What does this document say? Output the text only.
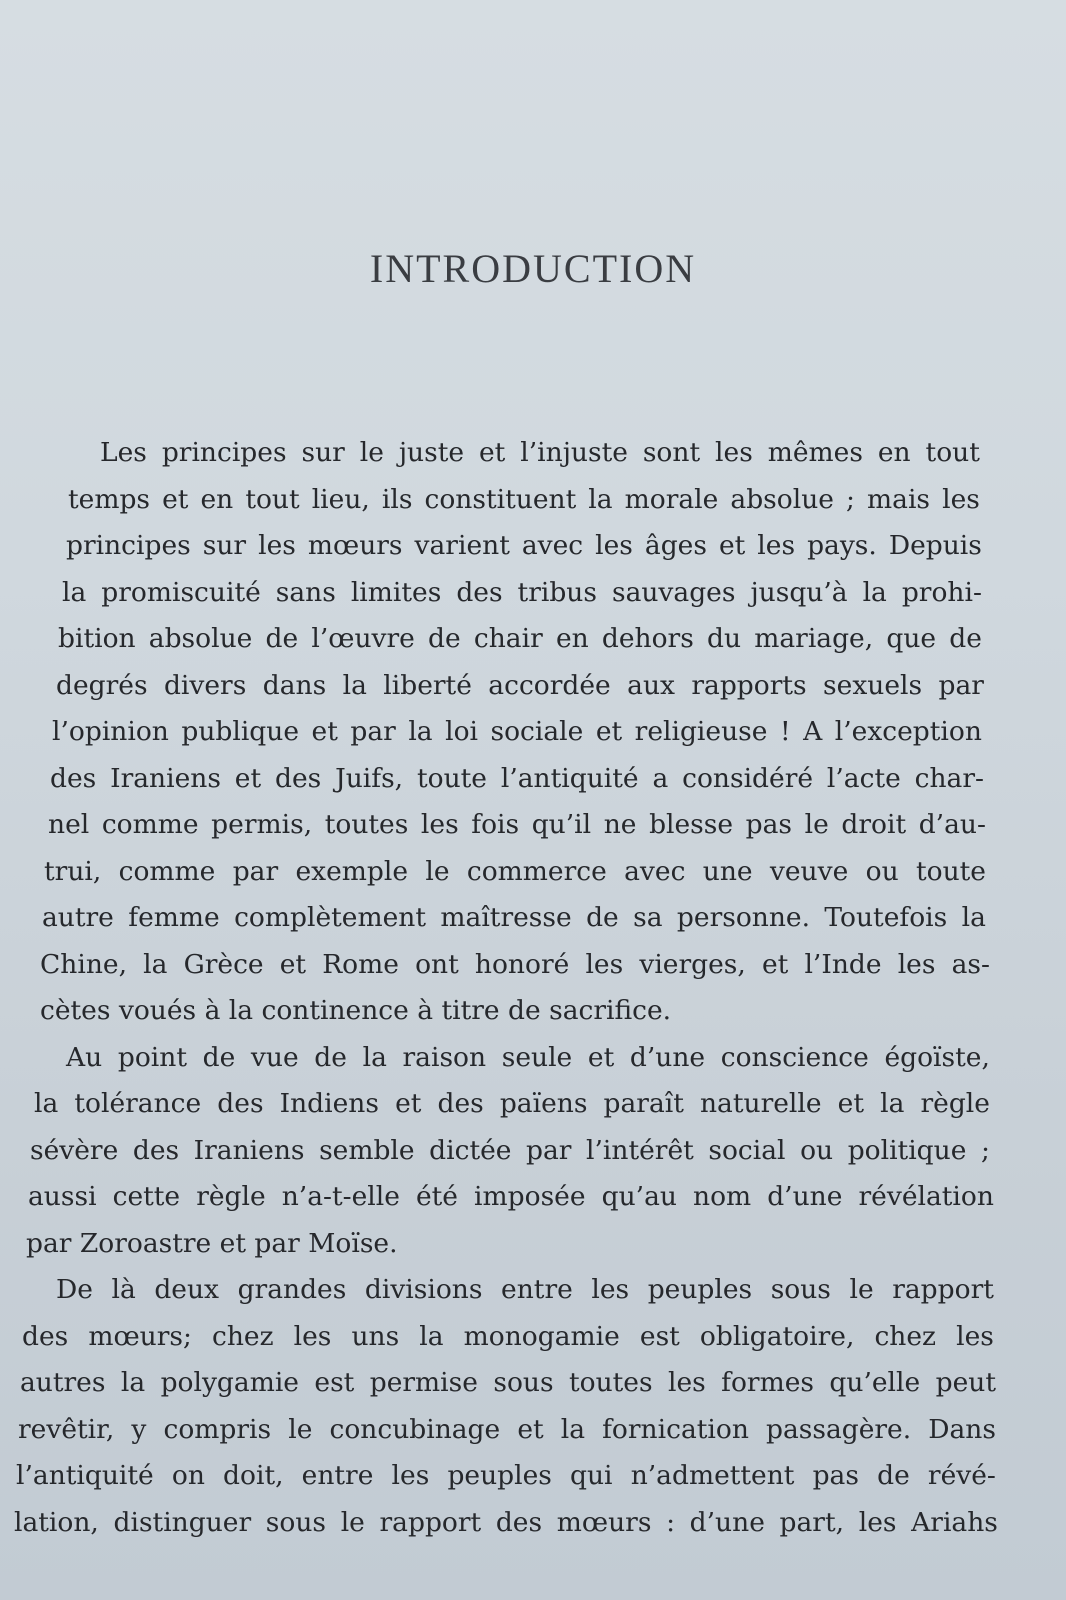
INTRODUCTION
Les principes sur le juste et l’injuste sont les mêmes en tout
temps et en tout lieu, ils constituent la morale absolue ; mais les
principes sur les mœurs varient avec les âges et les pays. Depuis
la promiscuité sans limites des tribus sauvages jusqu’à la prohi-
bition absolue de l’œuvre de chair en dehors du mariage, que de
degrés divers dans la liberté accordée aux rapports sexuels par
l’opinion publique et par la loi sociale et religieuse ! A l’exception
des Iraniens et des Juifs, toute l’antiquité a considéré l’acte char-
nel comme permis, toutes les fois qu’il ne blesse pas le droit d’au-
trui, comme par exemple le commerce avec une veuve ou toute
autre femme complètement maîtresse de sa personne. Toutefois la
Chine, la Grèce et Rome ont honoré les vierges, et l’Inde les as-
cètes voués à la continence à titre de sacrifice.
Au point de vue de la raison seule et d’une conscience égoïste,
la tolérance des Indiens et des païens paraît naturelle et la règle
sévère des Iraniens semble dictée par l’intérêt social ou politique ;
aussi cette règle n’a-t-elle été imposée qu’au nom d’une révélation
par Zoroastre et par Moïse.
De là deux grandes divisions entre les peuples sous le rapport
des mœurs; chez les uns la monogamie est obligatoire, chez les
autres la polygamie est permise sous toutes les formes qu’elle peut
revêtir, y compris le concubinage et la fornication passagère. Dans
l’antiquité on doit, entre les peuples qui n’admettent pas de révé-
lation, distinguer sous le rapport des mœurs : d’une part, les Ariahs
